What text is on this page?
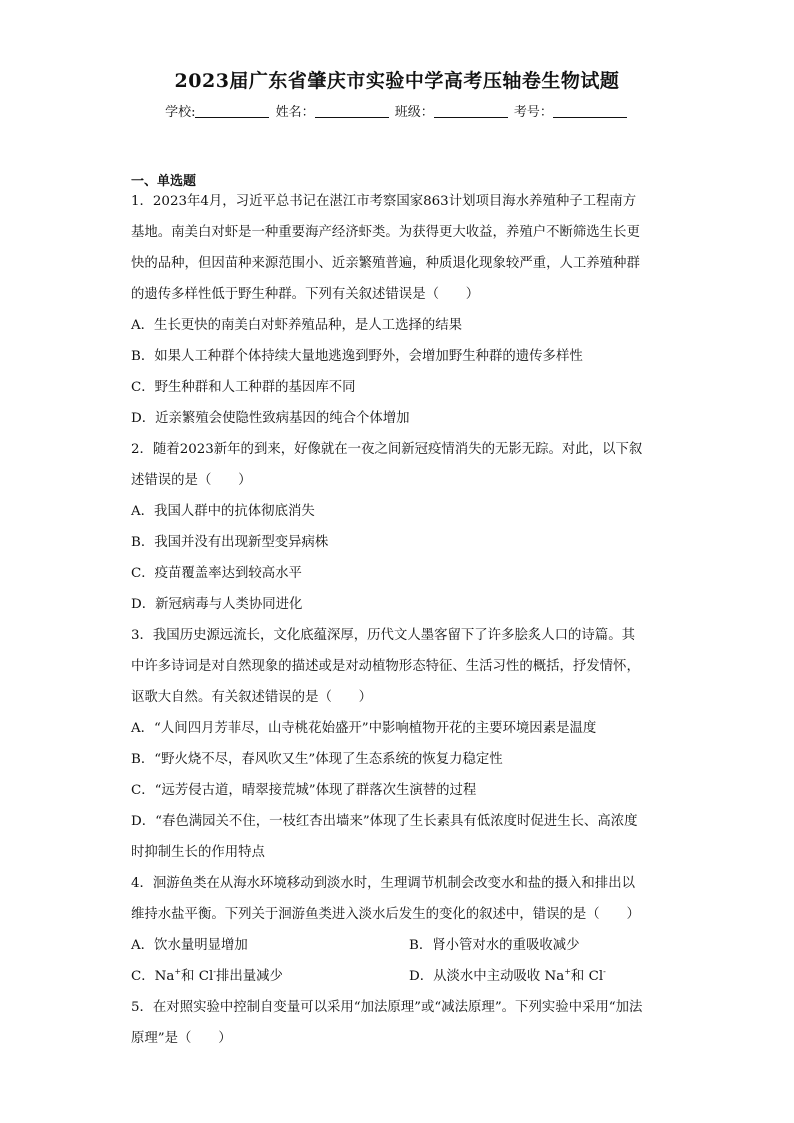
2023届广东省肇庆市实验中学高考压轴卷生物试题
学校:	姓名：	班级：	考号：
一、单选题
1．2023年4月，习近平总书记在湛江市考察国家863计划项目海水养殖种子工程南方
基地。南美白对虾是一种重要海产经济虾类。为获得更大收益，养殖户不断筛选生长更
快的品种，但因苗种来源范围小、近亲繁殖普遍，种质退化现象较严重，人工养殖种群
的遗传多样性低于野生种群。下列有关叙述错误是（　　）
A．生长更快的南美白对虾养殖品种，是人工选择的结果
B．如果人工种群个体持续大量地逃逸到野外，会增加野生种群的遗传多样性
C．野生种群和人工种群的基因库不同
D．近亲繁殖会使隐性致病基因的纯合个体增加
2．随着2023新年的到来，好像就在一夜之间新冠疫情消失的无影无踪。对此，以下叙
述错误的是（　　）
A．我国人群中的抗体彻底消失
B．我国并没有出现新型变异病株
C．疫苗覆盖率达到较高水平
D．新冠病毒与人类协同进化
3．我国历史源远流长，文化底蕴深厚，历代文人墨客留下了许多脍炙人口的诗篇。其
中许多诗词是对自然现象的描述或是对动植物形态特征、生活习性的概括，抒发情怀，
讴歌大自然。有关叙述错误的是（　　）
A．“人间四月芳菲尽，山寺桃花始盛开”中影响植物开花的主要环境因素是温度
B．“野火烧不尽，春风吹又生”体现了生态系统的恢复力稳定性
C．“远芳侵古道，晴翠接荒城”体现了群落次生演替的过程
D．“春色满园关不住，一枝红杏出墙来”体现了生长素具有低浓度时促进生长、高浓度
时抑制生长的作用特点
4．洄游鱼类在从海水环境移动到淡水时，生理调节机制会改变水和盐的摄入和排出以
维持水盐平衡。下列关于洄游鱼类进入淡水后发生的变化的叙述中，错误的是（　　）
A．饮水量明显增加	B．肾小管对水的重吸收减少
C．Na+和 Cl-排出量减少	D．从淡水中主动吸收 Na+和 Cl-
5．在对照实验中控制自变量可以采用“加法原理”或“减法原理”。下列实验中采用“加法
原理”是（　　）
